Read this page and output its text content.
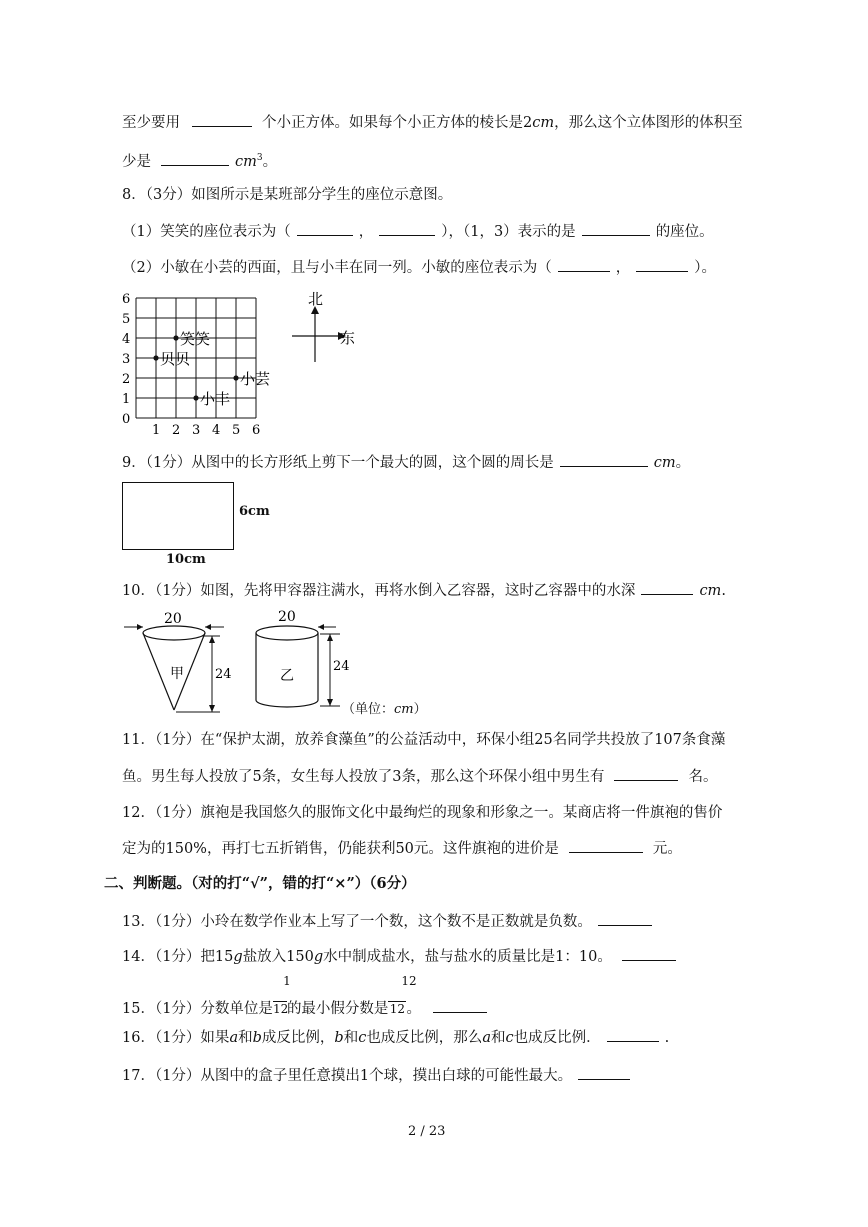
至少要用	个小正方体。如果每个小正方体的棱长是2cm，那么这个立体图形的体积至
少是	$cm^3$。
8．（3分）如图所示是某班部分学生的座位示意图。
（1）笑笑的座位表示为（	，	），（1，3）表示的是	的座位。
（2）小敏在小芸的西面，且与小丰在同一列。小敏的座位表示为（	，	）。
1 2 3 4 5 6
0
1
2
3
4
5
6
笑笑
贝贝
小芸
小丰
北
东
9．（1分）从图中的长方形纸上剪下一个最大的圆，这个圆的周长是	cm。
6cm
10cm
10．（1分）如图，先将甲容器注满水，再将水倒入乙容器，这时乙容器中的水深	cm.
20
甲 24
20
乙
24
（单位：cm）
11．（1分）在“保护太湖，放养食藻鱼”的公益活动中，环保小组25名同学共投放了107条食藻
鱼。男生每人投放了5条，女生每人投放了3条，那么这个环保小组中男生有	名。
12．（1分）旗袍是我国悠久的服饰文化中最绚烂的现象和形象之一。某商店将一件旗袍的售价
定为的150%，再打七五折销售，仍能获利50元。这件旗袍的进价是	元。
二、判断题。（对的打“√”，错的打“×”）（6分）
13．（1分）小玲在数学作业本上写了一个数，这个数不是正数就是负数。
14．（1分）把15g盐放入150g水中制成盐水，盐与盐水的质量比是1：10。
1	12
15．（1分）分数单位是12的最小假分数是12。
16．（1分）如果a和b成反比例，b和c也成反比例，那么a和c也成反比例．	.
17．（1分）从图中的盒子里任意摸出1个球，摸出白球的可能性最大。
2 / 23
